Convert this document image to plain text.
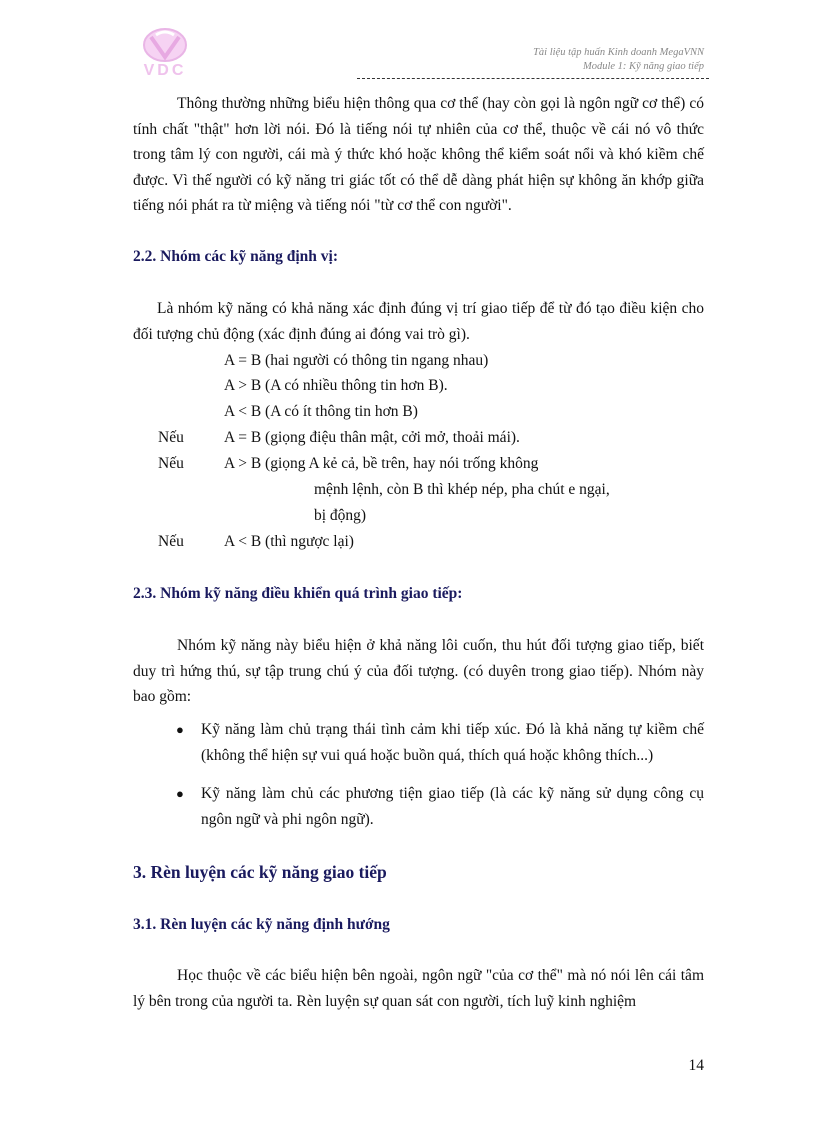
VDC
Tài liệu tập huấn Kinh doanh MegaVNN
Module 1: Kỹ năng giao tiếp
Thông thường những biểu hiện thông qua cơ thể (hay còn gọi là ngôn ngữ cơ thể) có tính chất "thật" hơn lời nói. Đó là tiếng nói tự nhiên của cơ thể, thuộc về cái nó vô thức trong tâm lý con người, cái mà ý thức khó hoặc không thể kiểm soát nổi và khó kiềm chế được. Vì thế người có kỹ năng tri giác tốt có thể dễ dàng phát hiện sự không ăn khớp giữa tiếng nói phát ra từ miệng và tiếng nói "từ cơ thể con người".
2.2. Nhóm các kỹ năng định vị:
Là nhóm kỹ năng có khả năng xác định đúng vị trí giao tiếp để từ đó tạo điều kiện cho đối tượng chủ động (xác định đúng ai đóng vai trò gì).
A = B (hai người có thông tin ngang nhau)
A > B (A có nhiều thông tin hơn B).
A < B (A có ít thông tin hơn B)
Nếu	A = B (giọng điệu thân mật, cởi mở, thoải mái).
Nếu	A > B (giọng A kẻ cả, bề trên, hay nói trống không
mệnh lệnh, còn B thì khép nép, pha chút e ngại,
bị động)
Nếu	A < B (thì ngược lại)
2.3. Nhóm kỹ năng điều khiển quá trình giao tiếp:
Nhóm kỹ năng này biểu hiện ở khả năng lôi cuốn, thu hút đối tượng giao tiếp, biết duy trì hứng thú, sự tập trung chú ý của đối tượng. (có duyên trong giao tiếp). Nhóm này bao gồm:
● Kỹ năng làm chủ trạng thái tình cảm khi tiếp xúc. Đó là khả năng tự kiềm chế (không thể hiện sự vui quá hoặc buồn quá, thích quá hoặc không thích...)
● Kỹ năng làm chủ các phương tiện giao tiếp (là các kỹ năng sử dụng công cụ ngôn ngữ và phi ngôn ngữ).
3. Rèn luyện các kỹ năng giao tiếp
3.1. Rèn luyện các kỹ năng định hướng
Học thuộc về các biểu hiện bên ngoài, ngôn ngữ "của cơ thể" mà nó nói lên cái tâm lý bên trong của người ta. Rèn luyện sự quan sát con người, tích luỹ kinh nghiệm
14
